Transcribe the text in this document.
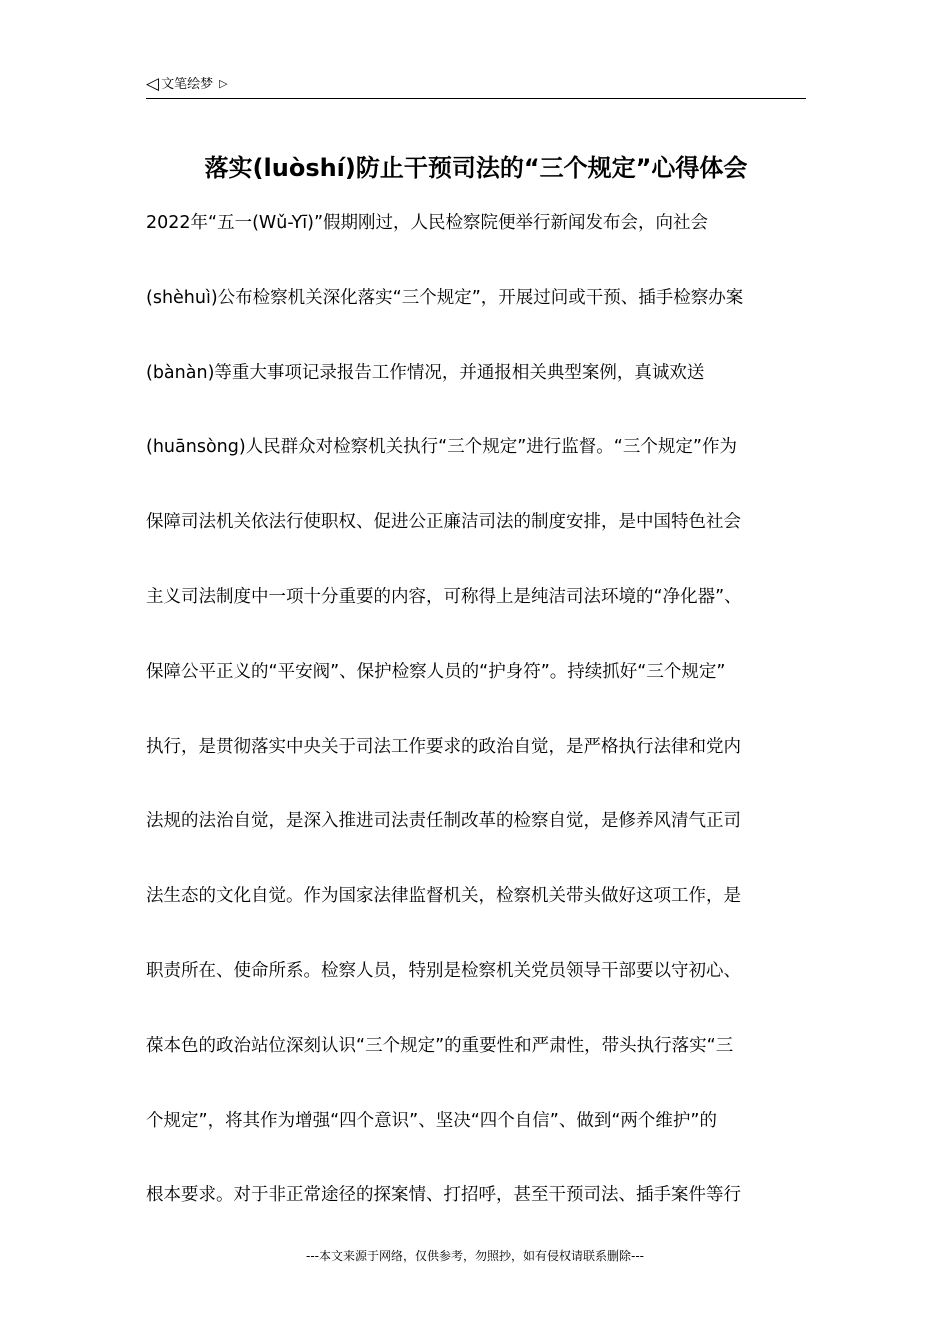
◁ 文笔绘梦 ▷
落实(luòshí)防止干预司法的“三个规定”心得体会
2022年“五一(Wǔ-Yī)”假期刚过，人民检察院便举行新闻发布会，向社会
(shèhuì)公布检察机关深化落实“三个规定”，开展过问或干预、插手检察办案
(bànàn)等重大事项记录报告工作情况，并通报相关典型案例，真诚欢送
(huānsòng)人民群众对检察机关执行“三个规定”进行监督。“三个规定”作为
保障司法机关依法行使职权、促进公正廉洁司法的制度安排，是中国特色社会
主义司法制度中一项十分重要的内容，可称得上是纯洁司法环境的“净化器”、
保障公平正义的“平安阀”、保护检察人员的“护身符”。持续抓好“三个规定”
执行，是贯彻落实中央关于司法工作要求的政治自觉，是严格执行法律和党内
法规的法治自觉，是深入推进司法责任制改革的检察自觉，是修养风清气正司
法生态的文化自觉。作为国家法律监督机关，检察机关带头做好这项工作，是
职责所在、使命所系。检察人员，特别是检察机关党员领导干部要以守初心、
葆本色的政治站位深刻认识“三个规定”的重要性和严肃性，带头执行落实“三
个规定”，将其作为增强“四个意识”、坚决“四个自信”、做到“两个维护”的
根本要求。对于非正常途径的探案情、打招呼，甚至干预司法、插手案件等行
---本文来源于网络，仅供参考，勿照抄，如有侵权请联系删除---
